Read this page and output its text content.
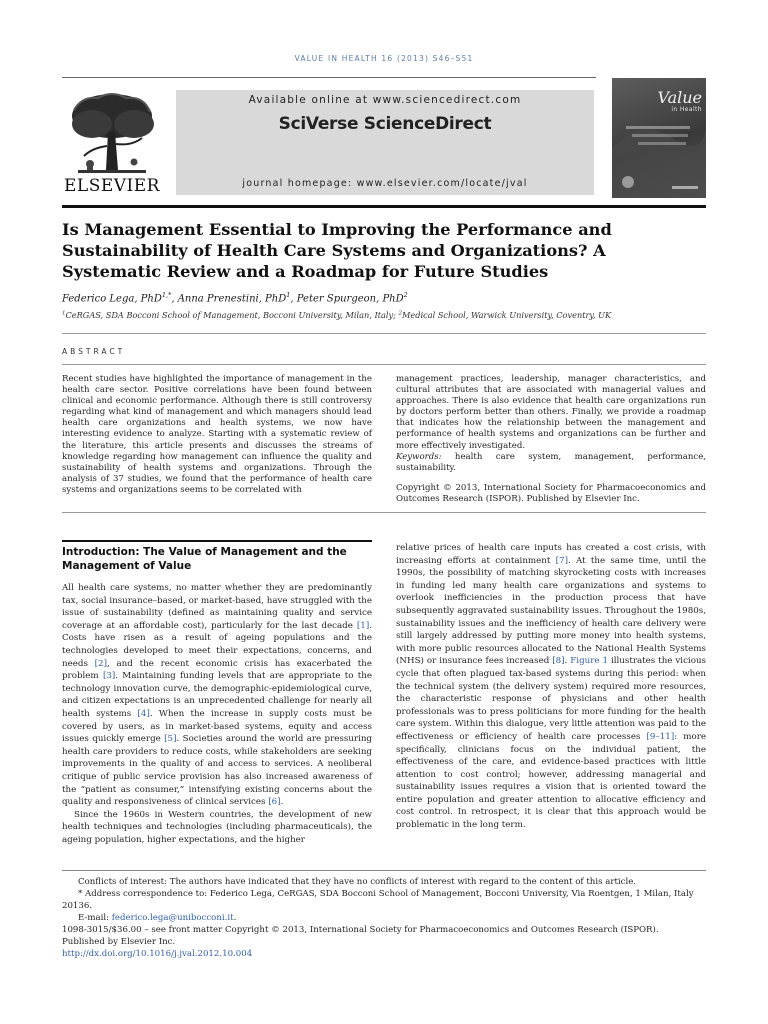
VALUE IN HEALTH 16 (2013) S46–S51
ELSEVIER
Available online at www.sciencedirect.com
SciVerse ScienceDirect
journal homepage: www.elsevier.com/locate/jval
Value
in Health
Is Management Essential to Improving the Performance and Sustainability of Health Care Systems and Organizations? A Systematic Review and a Roadmap for Future Studies
Federico Lega, PhD$^{1,*}$, Anna Prenestini, PhD$^1$, Peter Spurgeon, PhD$^2$
$^1$CeRGAS, SDA Bocconi School of Management, Bocconi University, Milan, Italy; $^2$Medical School, Warwick University, Coventry, UK
ABSTRACT

Recent studies have highlighted the importance of management in the health care sector. Positive correlations have been found between clinical and economic performance. Although there is still controversy regarding what kind of management and which managers should lead health care organizations and health systems, we now have interesting evidence to analyze. Starting with a systematic review of the literature, this article presents and discusses the streams of knowledge regarding how management can influence the quality and sustainability of health systems and organizations. Through the analysis of 37 studies, we found that the performance of health care systems and organizations seems to be correlated with

management practices, leadership, manager characteristics, and cultural attributes that are associated with managerial values and approaches. There is also evidence that health care organizations run by doctors perform better than others. Finally, we provide a roadmap that indicates how the relationship between the management and performance of health systems and organizations can be further and more effectively investigated.

Keywords: health care system, management, performance, sustainability.

Copyright © 2013, International Society for Pharmacoeconomics and Outcomes Research (ISPOR). Published by Elsevier Inc.

Introduction: The Value of Management and the Management of Value

All health care systems, no matter whether they are predominantly tax, social insurance–based, or market-based, have struggled with the issue of sustainability (defined as maintaining quality and service coverage at an affordable cost), particularly for the last decade [1]. Costs have risen as a result of ageing populations and the technologies developed to meet their expectations, concerns, and needs [2], and the recent economic crisis has exacerbated the problem [3]. Maintaining funding levels that are appropriate to the technology innovation curve, the demographic-epidemiological curve, and citizen expectations is an unprecedented challenge for nearly all health systems [4]. When the increase in supply costs must be covered by users, as in market-based systems, equity and access issues quickly emerge [5]. Societies around the world are pressuring health care providers to reduce costs, while stakeholders are seeking improvements in the quality of and access to services. A neoliberal critique of public service provision has also increased awareness of the “patient as consumer,” intensifying existing concerns about the quality and responsiveness of clinical services [6].

Since the 1960s in Western countries, the development of new health techniques and technologies (including pharmaceuticals), the ageing population, higher expectations, and the higher

relative prices of health care inputs has created a cost crisis, with increasing efforts at containment [7]. At the same time, until the 1990s, the possibility of matching skyrocketing costs with increases in funding led many health care organizations and systems to overlook inefficiencies in the production process that have subsequently aggravated sustainability issues. Throughout the 1980s, sustainability issues and the inefficiency of health care delivery were still largely addressed by putting more money into health systems, with more public resources allocated to the National Health Systems (NHS) or insurance fees increased [8]. Figure 1 illustrates the vicious cycle that often plagued tax-based systems during this period: when the technical system (the delivery system) required more resources, the characteristic response of physicians and other health professionals was to press politicians for more funding for the health care system. Within this dialogue, very little attention was paid to the effectiveness or efficiency of health care processes [9–11]: more specifically, clinicians focus on the individual patient, the effectiveness of the care, and evidence-based practices with little attention to cost control; however, addressing managerial and sustainability issues requires a vision that is oriented toward the entire population and greater attention to allocative efficiency and cost control. In retrospect, it is clear that this approach would be problematic in the long term.

Conflicts of interest: The authors have indicated that they have no conflicts of interest with regard to the content of this article.

* Address correspondence to: Federico Lega, CeRGAS, SDA Bocconi School of Management, Bocconi University, Via Roentgen, 1 Milan, Italy 20136.

E-mail: federico.lega@unibocconi.it.

1098-3015/$36.00 – see front matter Copyright © 2013, International Society for Pharmacoeconomics and Outcomes Research (ISPOR).

Published by Elsevier Inc.

http://dx.doi.org/10.1016/j.jval.2012.10.004
